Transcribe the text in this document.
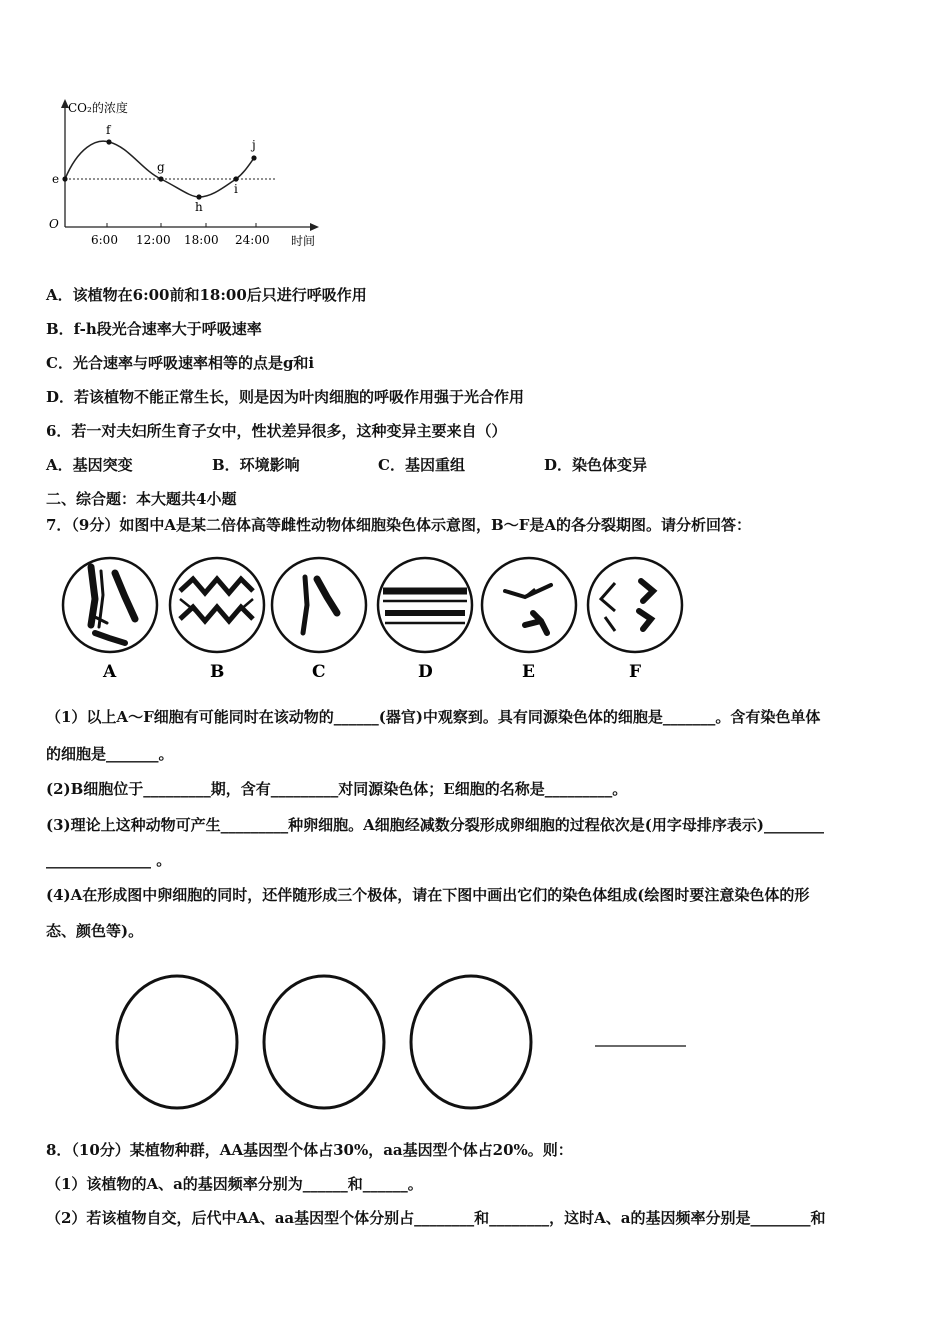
CO₂的浓度
时间
O
6:00 12:00 18:00 24:00
e
f
g
h
i
j
A．该植物在6:00前和18:00后只进行呼吸作用
B．f-h段光合速率大于呼吸速率
C．光合速率与呼吸速率相等的点是g和i
D．若该植物不能正常生长，则是因为叶肉细胞的呼吸作用强于光合作用
6．若一对夫妇所生育子女中，性状差异很多，这种变异主要来自（）
A．基因突变	B．环境影响	C．基因重组	D．染色体变异
二、综合题：本大题共4小题
7．（9分）如图中A是某二倍体高等雌性动物体细胞染色体示意图，B～F是A的各分裂期图。请分析回答：
A	B	C	D	E	F
（1）以上A～F细胞有可能同时在该动物的______(器官)中观察到。具有同源染色体的细胞是_______。含有染色单体
的细胞是_______。
(2)B细胞位于_________期，含有_________对同源染色体；E细胞的名称是_________。
(3)理论上这种动物可产生_________种卵细胞。A细胞经减数分裂形成卵细胞的过程依次是(用字母排序表示)________
______________ 。
(4)A在形成图中卵细胞的同时，还伴随形成三个极体，请在下图中画出它们的染色体组成(绘图时要注意染色体的形
态、颜色等)。
8．（10分）某植物种群，AA基因型个体占30%，aa基因型个体占20%。则：
（1）该植物的A、a的基因频率分别为______和______。
（2）若该植物自交，后代中AA、aa基因型个体分别占________和________，这时A、a的基因频率分别是________和
